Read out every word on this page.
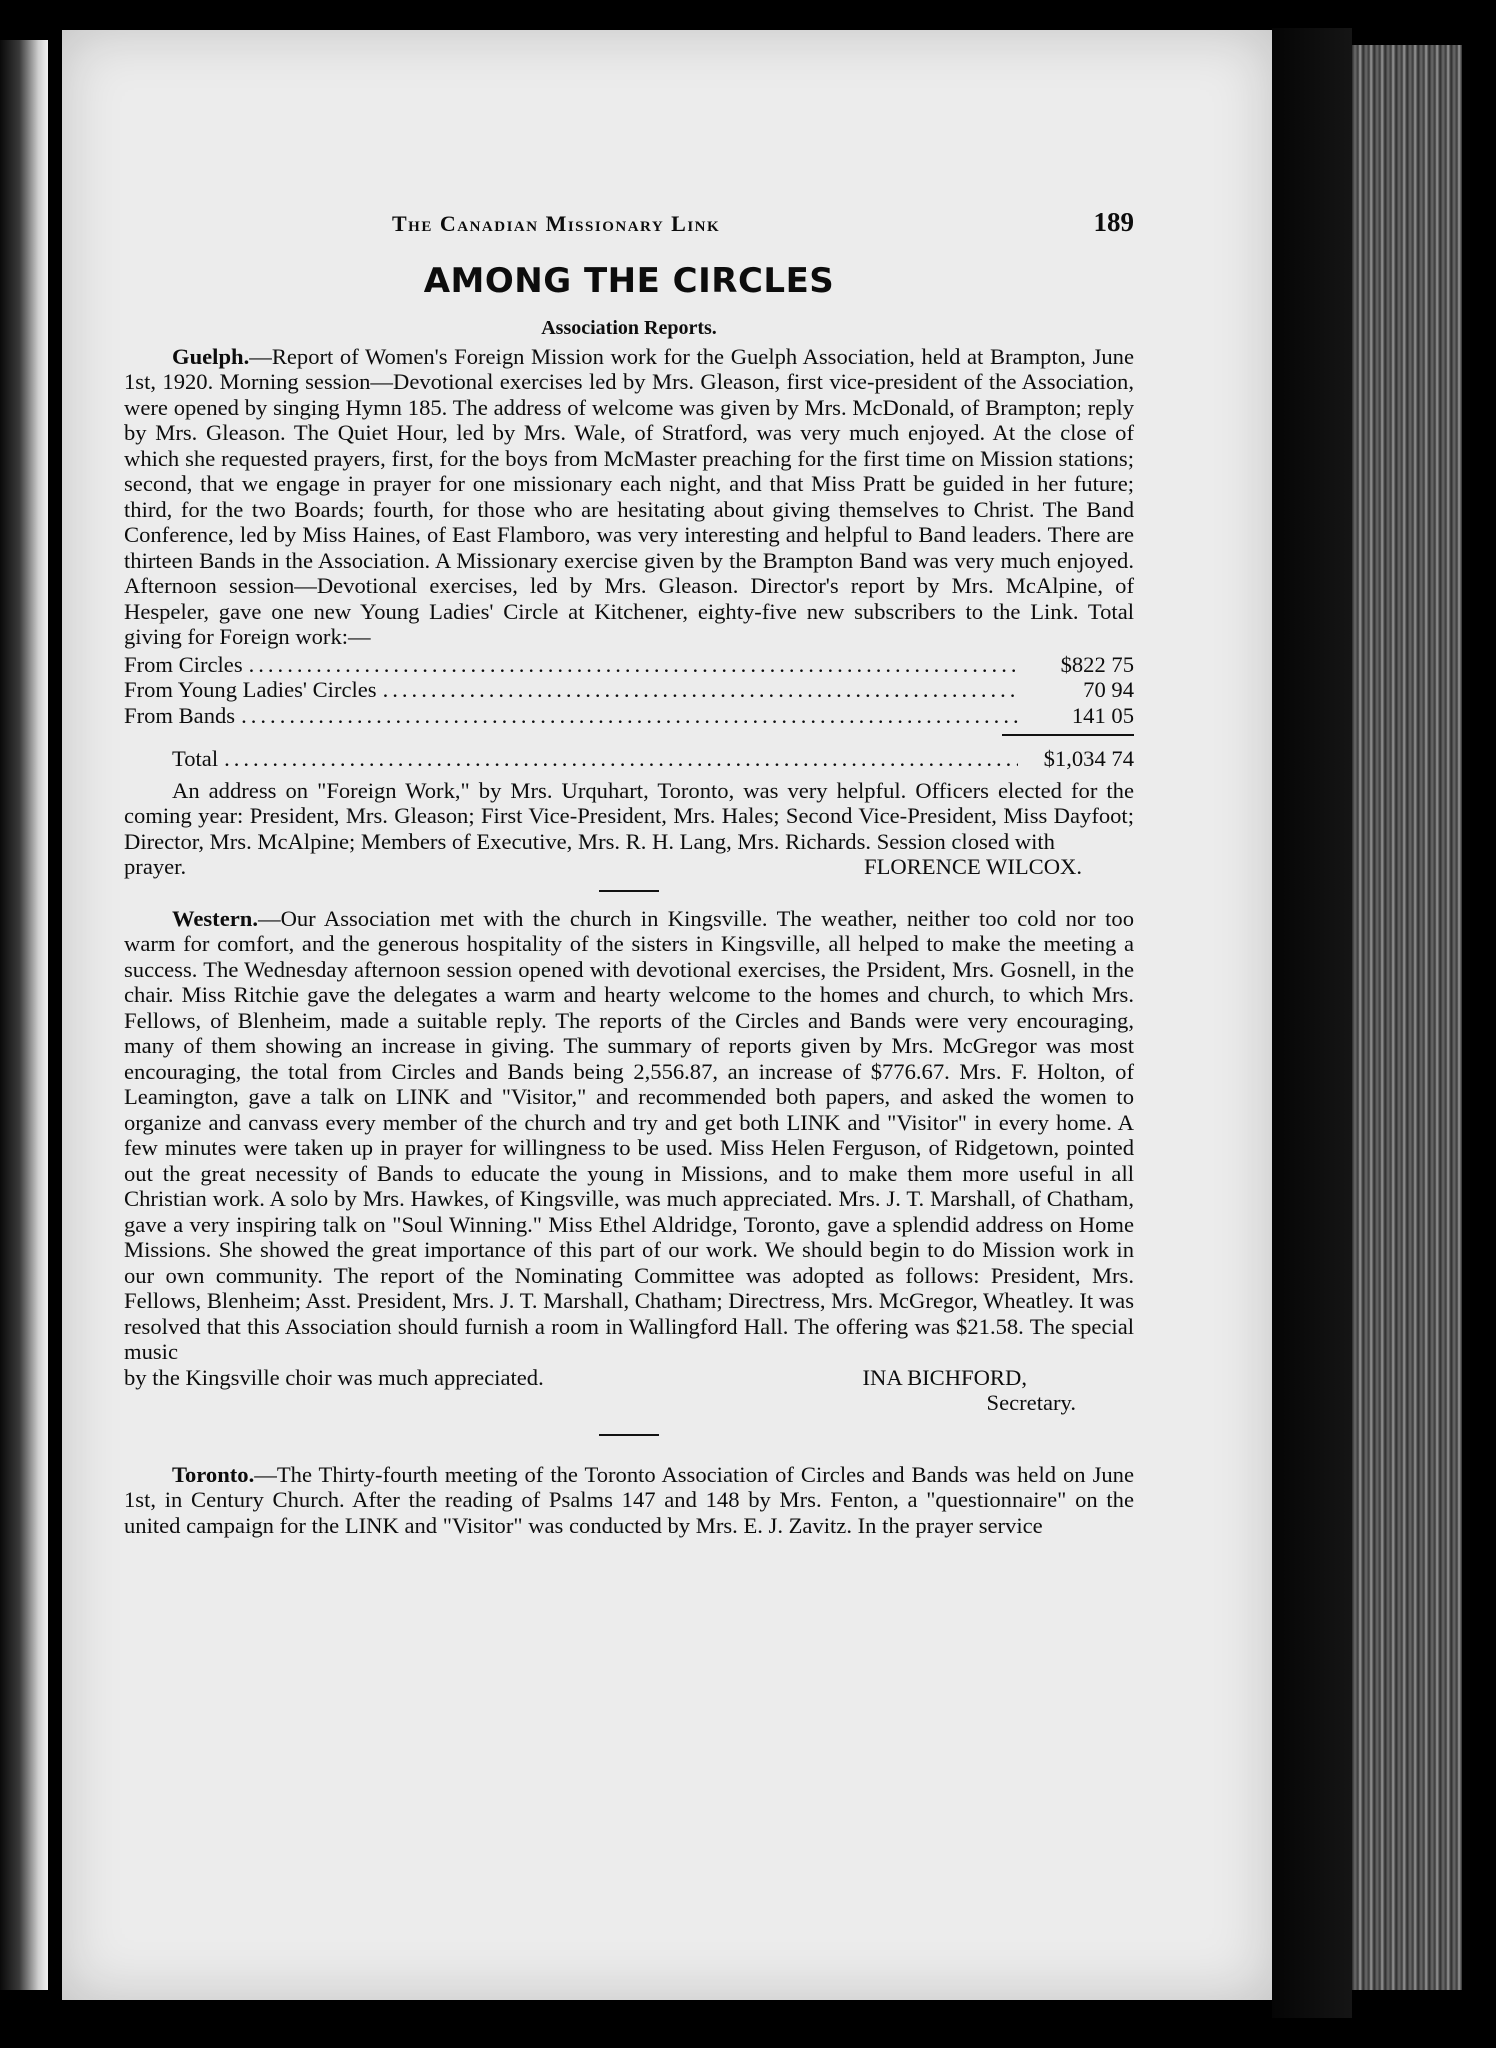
The Canadian Missionary Link	189
AMONG THE CIRCLES
Association Reports.

Guelph.—Report of Women's Foreign Mission work for the Guelph Association, held at Brampton, June 1st, 1920. Morning session—Devotional exercises led by Mrs. Gleason, first vice-president of the Association, were opened by singing Hymn 185. The address of welcome was given by Mrs. McDonald, of Brampton; reply by Mrs. Gleason. The Quiet Hour, led by Mrs. Wale, of Stratford, was very much enjoyed. At the close of which she requested prayers, first, for the boys from McMaster preaching for the first time on Mission stations; second, that we engage in prayer for one missionary each night, and that Miss Pratt be guided in her future; third, for the two Boards; fourth, for those who are hesitating about giving themselves to Christ. The Band Conference, led by Miss Haines, of East Flamboro, was very interesting and helpful to Band leaders. There are thirteen Bands in the Association. A Missionary exercise given by the Brampton Band was very much enjoyed. Afternoon session—Devotional exercises, led by Mrs. Gleason. Director's report by Mrs. McAlpine, of Hespeler, gave one new Young Ladies' Circle at Kitchener, eighty-five new subscribers to the Link. Total giving for Foreign work:—

From Circles .....	$822 75
From Young Ladies' Circles .....	70 94
From Bands .....	141 05
Total .....	$1,034 74

An address on "Foreign Work," by Mrs. Urquhart, Toronto, was very helpful. Officers elected for the coming year: President, Mrs. Gleason; First Vice-President, Mrs. Hales; Second Vice-President, Miss Dayfoot; Director, Mrs. McAlpine; Members of Executive, Mrs. R. H. Lang, Mrs. Richards. Session closed with

prayer.	FLORENCE WILCOX.

Western.—Our Association met with the church in Kingsville. The weather, neither too cold nor too warm for comfort, and the generous hospitality of the sisters in Kingsville, all helped to make the meeting a success. The Wednesday afternoon session opened with devotional exercises, the Prsident, Mrs. Gosnell, in the chair. Miss Ritchie gave the delegates a warm and hearty welcome to the homes and church, to which Mrs. Fellows, of Blenheim, made a suitable reply. The reports of the Circles and Bands were very encouraging, many of them showing an increase in giving. The summary of reports given by Mrs. McGregor was most encouraging, the total from Circles and Bands being 2,556.87, an increase of $776.67. Mrs. F. Holton, of Leamington, gave a talk on LINK and "Visitor," and recommended both papers, and asked the women to organize and canvass every member of the church and try and get both LINK and "Visitor" in every home. A few minutes were taken up in prayer for willingness to be used. Miss Helen Ferguson, of Ridgetown, pointed out the great necessity of Bands to educate the young in Missions, and to make them more useful in all Christian work. A solo by Mrs. Hawkes, of Kingsville, was much appreciated. Mrs. J. T. Marshall, of Chatham, gave a very inspiring talk on "Soul Winning." Miss Ethel Aldridge, Toronto, gave a splendid address on Home Missions. She showed the great importance of this part of our work. We should begin to do Mission work in our own community. The report of the Nominating Committee was adopted as follows: President, Mrs. Fellows, Blenheim; Asst. President, Mrs. J. T. Marshall, Chatham; Directress, Mrs. McGregor, Wheatley. It was resolved that this Association should furnish a room in Wallingford Hall. The offering was $21.58. The special music

by the Kingsville choir was much appreciated.	INA BICHFORD,
Secretary.

Toronto.—The Thirty-fourth meeting of the Toronto Association of Circles and Bands was held on June 1st, in Century Church. After the reading of Psalms 147 and 148 by Mrs. Fenton, a "questionnaire" on the united campaign for the LINK and "Visitor" was conducted by Mrs. E. J. Zavitz. In the prayer service
